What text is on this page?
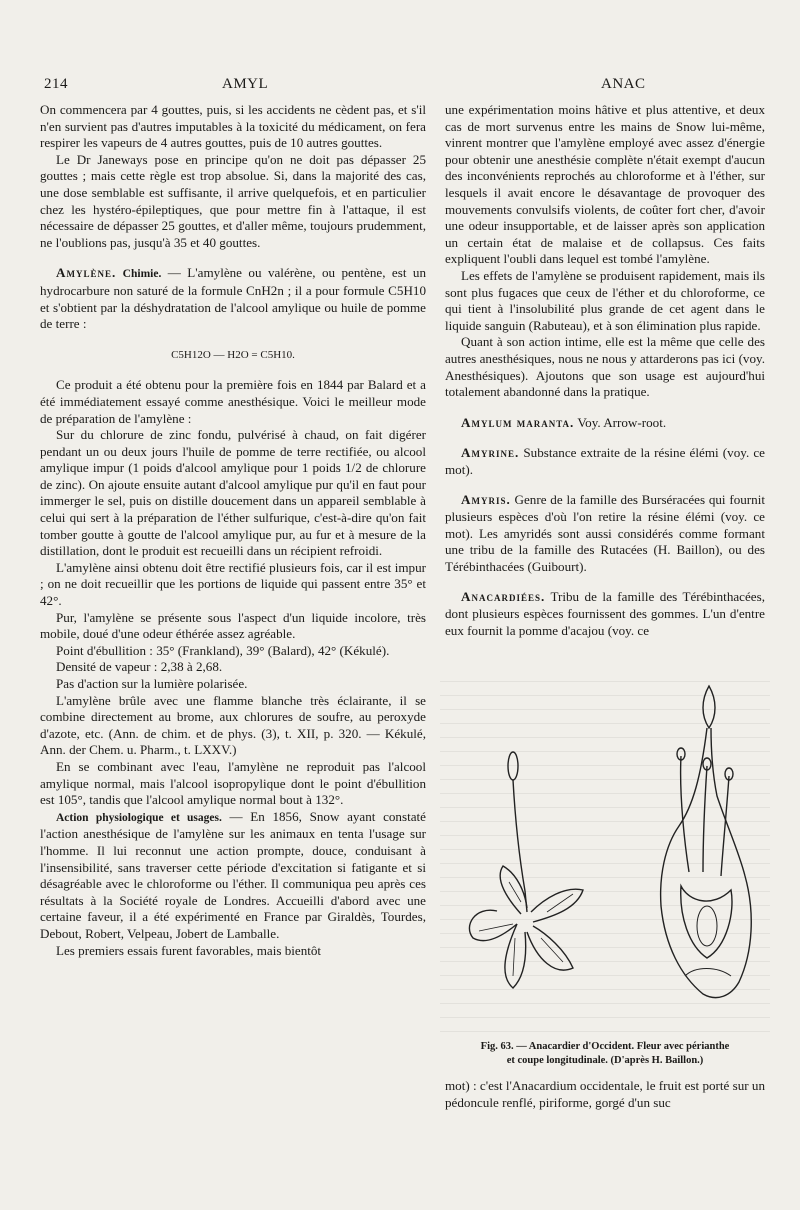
214	AMYL	ANAC

On commencera par 4 gouttes, puis, si les accidents ne cèdent pas, et s'il n'en survient pas d'autres imputables à la toxicité du médicament, on fera respirer les vapeurs de 4 autres gouttes, puis de 10 autres gouttes.

Le Dr Janeways pose en principe qu'on ne doit pas dépasser 25 gouttes ; mais cette règle est trop absolue. Si, dans la majorité des cas, une dose semblable est suffisante, il arrive quelquefois, et en particulier chez les hystéro-épileptiques, que pour mettre fin à l'attaque, il est nécessaire de dépasser 25 gouttes, et d'aller même, toujours prudemment, ne l'oublions pas, jusqu'à 35 et 40 gouttes.

Amylène. Chimie. — L'amylène ou valérène, ou pentène, est un hydrocarbure non saturé de la formule CnH2n ; il a pour formule C5H10 et s'obtient par la déshydratation de l'alcool amylique ou huile de pomme de terre :

C5H12O — H2O = C5H10.

Ce produit a été obtenu pour la première fois en 1844 par Balard et a été immédiatement essayé comme anesthésique. Voici le meilleur mode de préparation de l'amylène :

Sur du chlorure de zinc fondu, pulvérisé à chaud, on fait digérer pendant un ou deux jours l'huile de pomme de terre rectifiée, ou alcool amylique impur (1 poids d'alcool amylique pour 1 poids 1/2 de chlorure de zinc). On ajoute ensuite autant d'alcool amylique pur qu'il en faut pour immerger le sel, puis on distille doucement dans un appareil semblable à celui qui sert à la préparation de l'éther sulfurique, c'est-à-dire qu'on fait tomber goutte à goutte de l'alcool amylique pur, au fur et à mesure de la distillation, dont le produit est recueilli dans un récipient refroidi.

L'amylène ainsi obtenu doit être rectifié plusieurs fois, car il est impur ; on ne doit recueillir que les portions de liquide qui passent entre 35° et 42°.

Pur, l'amylène se présente sous l'aspect d'un liquide incolore, très mobile, doué d'une odeur éthérée assez agréable.

Point d'ébullition : 35° (Frankland), 39° (Balard), 42° (Kékulé).

Densité de vapeur : 2,38 à 2,68.

Pas d'action sur la lumière polarisée.

L'amylène brûle avec une flamme blanche très éclairante, il se combine directement au brome, aux chlorures de soufre, au peroxyde d'azote, etc. (Ann. de chim. et de phys. (3), t. XII, p. 320. — Kékulé, Ann. der Chem. u. Pharm., t. LXXV.)

En se combinant avec l'eau, l'amylène ne reproduit pas l'alcool amylique normal, mais l'alcool isopropylique dont le point d'ébullition est 105°, tandis que l'alcool amylique normal bout à 132°.

Action physiologique et usages. — En 1856, Snow ayant constaté l'action anesthésique de l'amylène sur les animaux en tenta l'usage sur l'homme. Il lui reconnut une action prompte, douce, conduisant à l'insensibilité, sans traverser cette période d'excitation si fatigante et si désagréable avec le chloroforme ou l'éther. Il communiqua peu après ces résultats à la Société royale de Londres. Accueilli d'abord avec une certaine faveur, il a été expérimenté en France par Giraldès, Tourdes, Debout, Robert, Velpeau, Jobert de Lamballe.

Les premiers essais furent favorables, mais bientôt

une expérimentation moins hâtive et plus attentive, et deux cas de mort survenus entre les mains de Snow lui-même, vinrent montrer que l'amylène employé avec assez d'énergie pour obtenir une anesthésie complète n'était exempt d'aucun des inconvénients reprochés au chloroforme et à l'éther, sur lesquels il avait encore le désavantage de provoquer des mouvements convulsifs violents, de coûter fort cher, d'avoir une odeur insupportable, et de laisser après son application un certain état de malaise et de collapsus. Ces faits expliquent l'oubli dans lequel est tombé l'amylène.

Les effets de l'amylène se produisent rapidement, mais ils sont plus fugaces que ceux de l'éther et du chloroforme, ce qui tient à l'insolubilité plus grande de cet agent dans le liquide sanguin (Rabuteau), et à son élimination plus rapide.

Quant à son action intime, elle est la même que celle des autres anesthésiques, nous ne nous y attarderons pas ici (voy. Anesthésiques). Ajoutons que son usage est aujourd'hui totalement abandonné dans la pratique.

Amylum maranta. Voy. Arrow-root.

Amyrine. Substance extraite de la résine élémi (voy. ce mot).

Amyris. Genre de la famille des Burséracées qui fournit plusieurs espèces d'où l'on retire la résine élémi (voy. ce mot). Les amyridés sont aussi considérés comme formant une tribu de la famille des Rutacées (H. Baillon), ou des Térébinthacées (Guibourt).

Anacardiées. Tribu de la famille des Térébinthacées, dont plusieurs espèces fournissent des gommes. L'un d'entre eux fournit la pomme d'acajou (voy. ce

Fig. 63. — Anacardier d'Occident. Fleur avec périanthe
et coupe longitudinale. (D'après H. Baillon.)

mot) : c'est l'Anacardium occidentale, le fruit est porté sur un pédoncule renflé, piriforme, gorgé d'un suc
